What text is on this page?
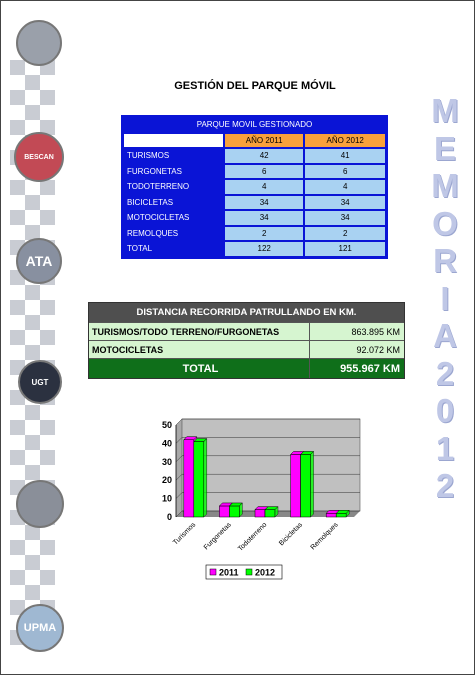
BESCAN
ATA
UGT
UPMA
GESTIÓN DEL PARQUE MÓVIL
M
E
M
O
R
I
A
2
0
1
2
PARQUE MOVIL GESTIONADO		
	AÑO 2011	AÑO 2012
TURISMOS	42	41
FURGONETAS	6	6
TODOTERRENO	4	4
BICICLETAS	34	34
MOTOCICLETAS	34	34
REMOLQUES	2	2
TOTAL	122	121
DISTANCIA RECORRIDA PATRULLANDO EN KM.
TURISMOS/TODO TERRENO/FURGONETAS	863.895 KM
MOTOCICLETAS	92.072 KM
TOTAL	955.967 KM
0
10
20
30
40
50
Turismos Furgonetas Todoterreno Bicicletas Remolques
2011 2012
